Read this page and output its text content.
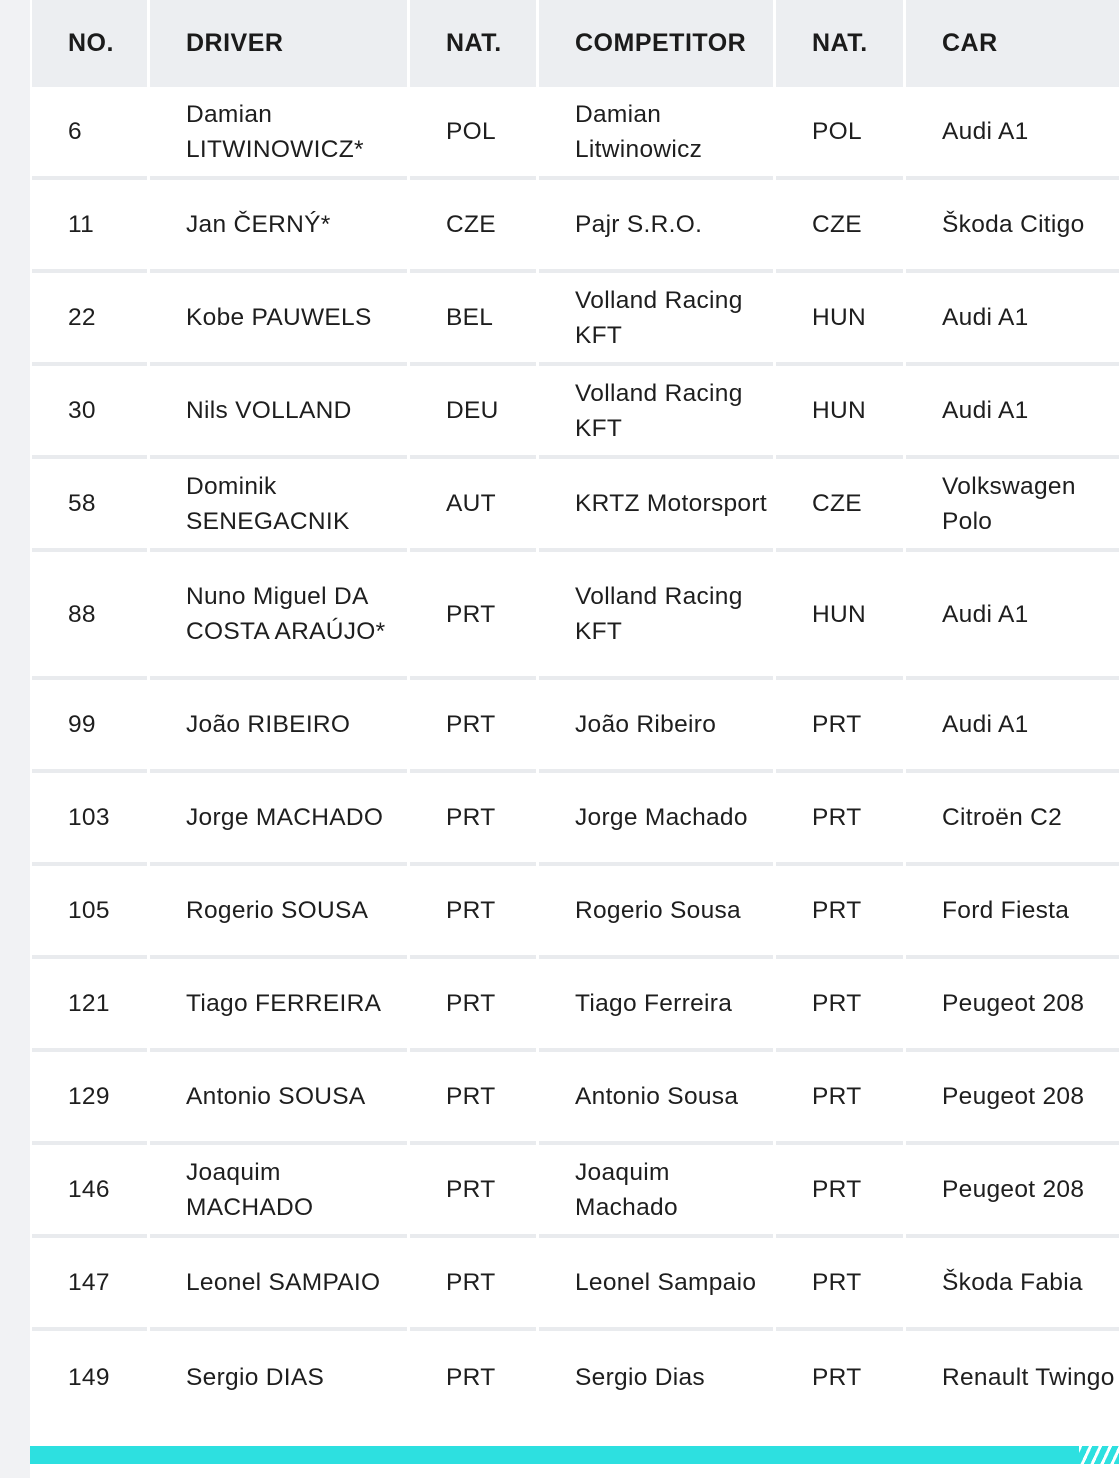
NO.	DRIVER	NAT.	COMPETITOR	NAT.	CAR
6	Damian LITWINOWICZ*	POL	Damian Litwinowicz	POL	Audi A1
11	Jan ČERNÝ*	CZE	Pajr S.R.O.	CZE	Škoda Citigo
22	Kobe PAUWELS	BEL	Volland Racing KFT	HUN	Audi A1
30	Nils VOLLAND	DEU	Volland Racing KFT	HUN	Audi A1
58	Dominik SENEGACNIK	AUT	KRTZ Motorsport	CZE	Volkswagen Polo
88	Nuno Miguel DA COSTA ARAÚJO*	PRT	Volland Racing KFT	HUN	Audi A1
99	João RIBEIRO	PRT	João Ribeiro	PRT	Audi A1
103	Jorge MACHADO	PRT	Jorge Machado	PRT	Citroën C2
105	Rogerio SOUSA	PRT	Rogerio Sousa	PRT	Ford Fiesta
121	Tiago FERREIRA	PRT	Tiago Ferreira	PRT	Peugeot 208
129	Antonio SOUSA	PRT	Antonio Sousa	PRT	Peugeot 208
146	Joaquim MACHADO	PRT	Joaquim Machado	PRT	Peugeot 208
147	Leonel SAMPAIO	PRT	Leonel Sampaio	PRT	Škoda Fabia
149	Sergio DIAS	PRT	Sergio Dias	PRT	Renault Twingo
